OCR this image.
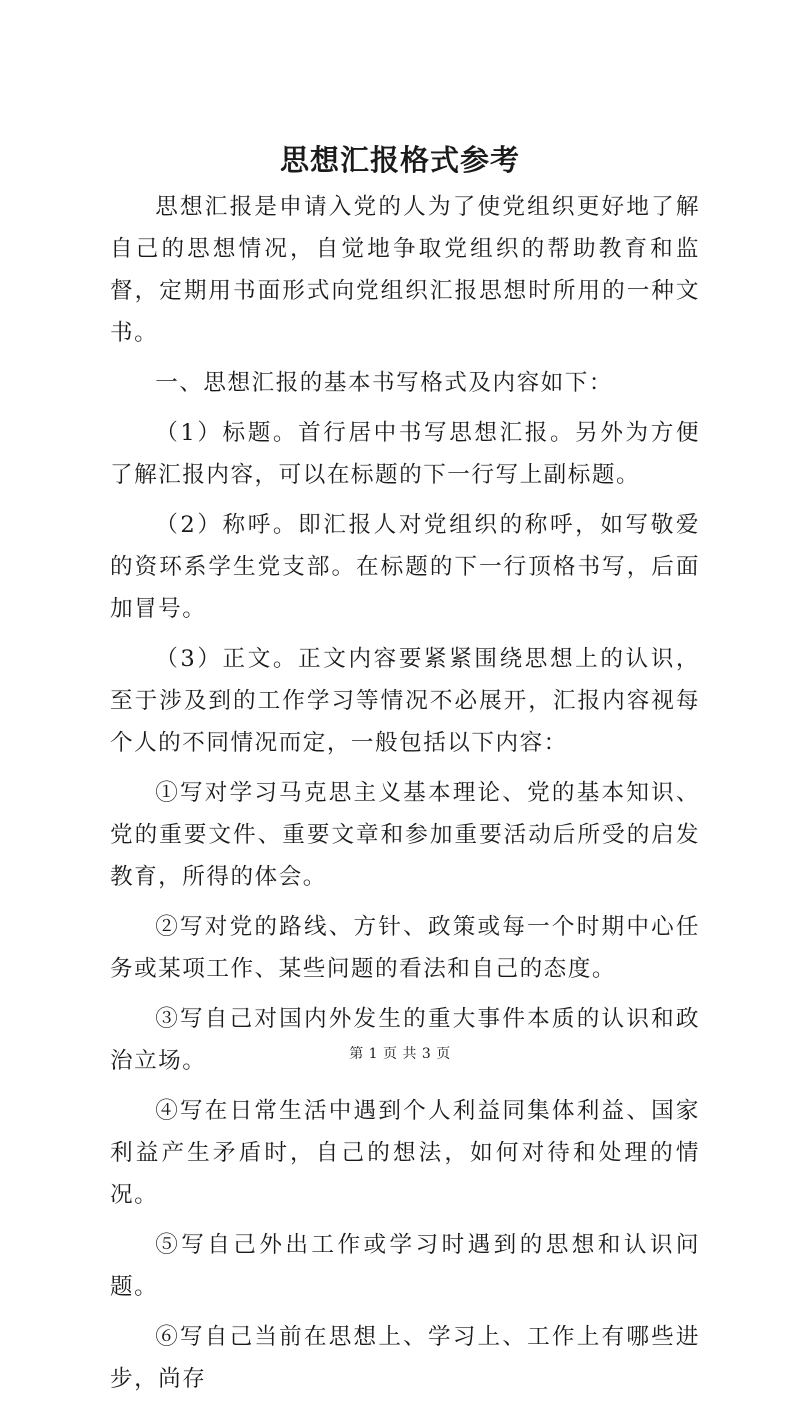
思想汇报格式参考

思想汇报是申请入党的人为了使党组织更好地了解自己的思想情况，自觉地争取党组织的帮助教育和监督，定期用书面形式向党组织汇报思想时所用的一种文书。

一、思想汇报的基本书写格式及内容如下：

（1）标题。首行居中书写思想汇报。另外为方便了解汇报内容，可以在标题的下一行写上副标题。

（2）称呼。即汇报人对党组织的称呼，如写敬爱的资环系学生党支部。在标题的下一行顶格书写，后面加冒号。

（3）正文。正文内容要紧紧围绕思想上的认识，至于涉及到的工作学习等情况不必展开，汇报内容视每个人的不同情况而定，一般包括以下内容：

①写对学习马克思主义基本理论、党的基本知识、党的重要文件、重要文章和参加重要活动后所受的启发教育，所得的体会。

②写对党的路线、方针、政策或每一个时期中心任务或某项工作、某些问题的看法和自己的态度。

③写自己对国内外发生的重大事件本质的认识和政治立场。

④写在日常生活中遇到个人利益同集体利益、国家利益产生矛盾时，自己的想法，如何对待和处理的情况。

⑤写自己外出工作或学习时遇到的思想和认识问题。

⑥写自己当前在思想上、学习上、工作上有哪些进步，尚存

第 1 页 共 3 页
